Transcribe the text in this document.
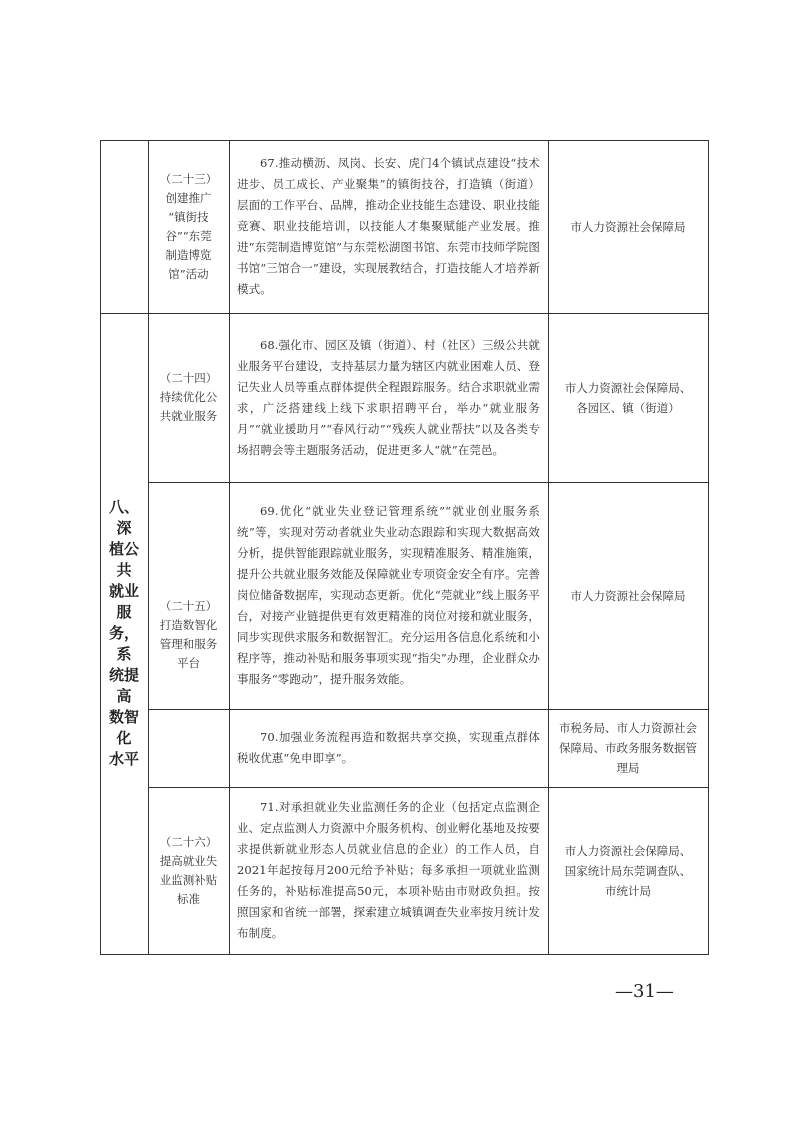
八、深
植公共
就业服
务，系
统提高
数智化
水平
（二十三）
创建推广
“镇街技
谷”“东莞
制造博览
馆”活动
67.推动横沥、凤岗、长安、虎门4个镇试点建设“技术进步、员工成长、产业聚集”的镇街技谷，打造镇（街道）层面的工作平台、品牌，推动企业技能生态建设、职业技能竞赛、职业技能培训，以技能人才集聚赋能产业发展。推进“东莞制造博览馆”与东莞松湖图书馆、东莞市技师学院图书馆“三馆合一”建设，实现展教结合，打造技能人才培养新模式。
市人力资源社会保障局
（二十四）
持续优化公
共就业服务
68.强化市、园区及镇（街道）、村（社区）三级公共就业服务平台建设，支持基层力量为辖区内就业困难人员、登记失业人员等重点群体提供全程跟踪服务。结合求职就业需求，广泛搭建线上线下求职招聘平台，举办“就业服务月”“就业援助月”“春风行动”“残疾人就业帮扶”以及各类专场招聘会等主题服务活动，促进更多人“就”在莞邑。
市人力资源社会保障局、
各园区、镇（街道）
（二十五）
打造数智化
管理和服务
平台
69.优化“就业失业登记管理系统”“就业创业服务系统”等，实现对劳动者就业失业动态跟踪和实现大数据高效分析，提供智能跟踪就业服务，实现精准服务、精准施策，提升公共就业服务效能及保障就业专项资金安全有序。完善岗位储备数据库，实现动态更新。优化“莞就业”线上服务平台，对接产业链提供更有效更精准的岗位对接和就业服务，同步实现供求服务和数据智汇。充分运用各信息化系统和小程序等，推动补贴和服务事项实现“指尖”办理，企业群众办事服务“零跑动”，提升服务效能。
市人力资源社会保障局
70.加强业务流程再造和数据共享交换，实现重点群体税收优惠“免申即享”。
市税务局、市人力资源社会
保障局、市政务服务数据管
理局
（二十六）
提高就业失
业监测补贴
标准
71.对承担就业失业监测任务的企业（包括定点监测企业、定点监测人力资源中介服务机构、创业孵化基地及按要求提供新就业形态人员就业信息的企业）的工作人员，自2021年起按每月200元给予补贴；每多承担一项就业监测任务的，补贴标准提高50元，本项补贴由市财政负担。按照国家和省统一部署，探索建立城镇调查失业率按月统计发布制度。
市人力资源社会保障局、
国家统计局东莞调查队、
市统计局
—31—
